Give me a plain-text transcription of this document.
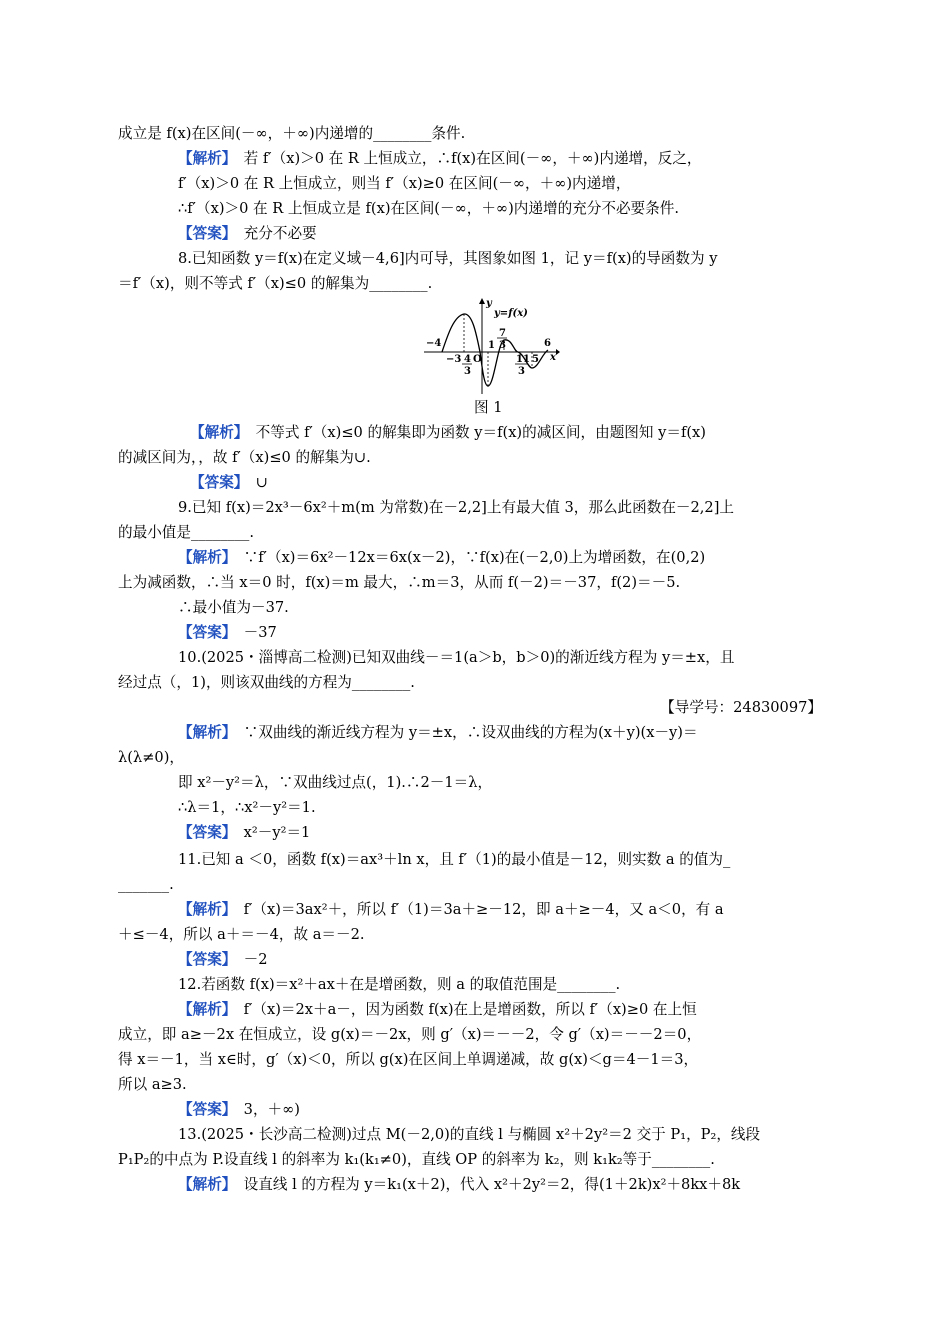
成立是 f(x)在区间(－∞，＋∞)内递增的________条件.
【解析】　若 f′（x)＞0 在 R 上恒成立，∴f(x)在区间(－∞，＋∞)内递增，反之，
f′（x)＞0 在 R 上恒成立，则当 f′（x)≥0 在区间(－∞，＋∞)内递增，
∴f′（x)＞0 在 R 上恒成立是 f(x)在区间(－∞，＋∞)内递增的充分不必要条件.
【答案】　充分不必要
8.已知函数 y＝f(x)在定义域－4,6]内可导，其图象如图 1，记 y＝f(x)的导函数为 y
＝f′（x)，则不等式 f′（x)≤0 的解集为________.
y
y=f(x)
−4
−3 4
3
O
1
7
3
11
3
5
6
x
图 1
【解析】　不等式 f′（x)≤0 的解集即为函数 y＝f(x)的减区间，由题图知 y＝f(x)
的减区间为，，故 f′（x)≤0 的解集为∪.
【答案】　∪
9.已知 f(x)＝2x³－6x²＋m(m 为常数)在－2,2]上有最大值 3，那么此函数在－2,2]上
的最小值是________.
【解析】　∵f′（x)＝6x²－12x＝6x(x－2)，∵f(x)在(－2,0)上为增函数，在(0,2)
上为减函数，∴当 x＝0 时，f(x)＝m 最大，∴m＝3，从而 f(－2)＝－37，f(2)＝－5.
∴最小值为－37.
【答案】　－37
10.(2025・淄博高二检测)已知双曲线－＝1(a＞b，b＞0)的渐近线方程为 y＝±x，且
经过点（，1)，则该双曲线的方程为________.
【导学号：24830097】
【解析】　∵双曲线的渐近线方程为 y＝±x，∴设双曲线的方程为(x＋y)(x－y)＝
λ(λ≠0)，
即 x²－y²＝λ，∵双曲线过点(，1).∴2－1＝λ，
∴λ＝1，∴x²－y²＝1.
【答案】　x²－y²＝1
11.已知 a ＜0，函数 f(x)＝ax³＋ln x，且 f′（1)的最小值是－12，则实数 a 的值为_
_______.
【解析】　f′（x)＝3ax²＋，所以 f′（1)＝3a＋≥－12，即 a＋≥－4，又 a＜0，有 a
＋≤－4，所以 a＋＝－4，故 a＝－2.
【答案】　－2
12.若函数 f(x)＝x²＋ax＋在是增函数，则 a 的取值范围是________.
【解析】　f′（x)＝2x＋a－，因为函数 f(x)在上是增函数，所以 f′（x)≥0 在上恒
成立，即 a≥－2x 在恒成立，设 g(x)＝－2x，则 g′（x)＝－－2，令 g′（x)＝－－2＝0，
得 x＝－1，当 x∈时，g′（x)＜0，所以 g(x)在区间上单调递减，故 g(x)＜g＝4－1＝3，
所以 a≥3.
【答案】　3，＋∞)
13.(2025・长沙高二检测)过点 M(－2,0)的直线 l 与椭圆 x²＋2y²＝2 交于 P₁，P₂，线段
P₁P₂的中点为 P.设直线 l 的斜率为 k₁(k₁≠0)，直线 OP 的斜率为 k₂，则 k₁k₂等于________.
【解析】　设直线 l 的方程为 y＝k₁(x＋2)，代入 x²＋2y²＝2，得(1＋2k)x²＋8kx＋8k
